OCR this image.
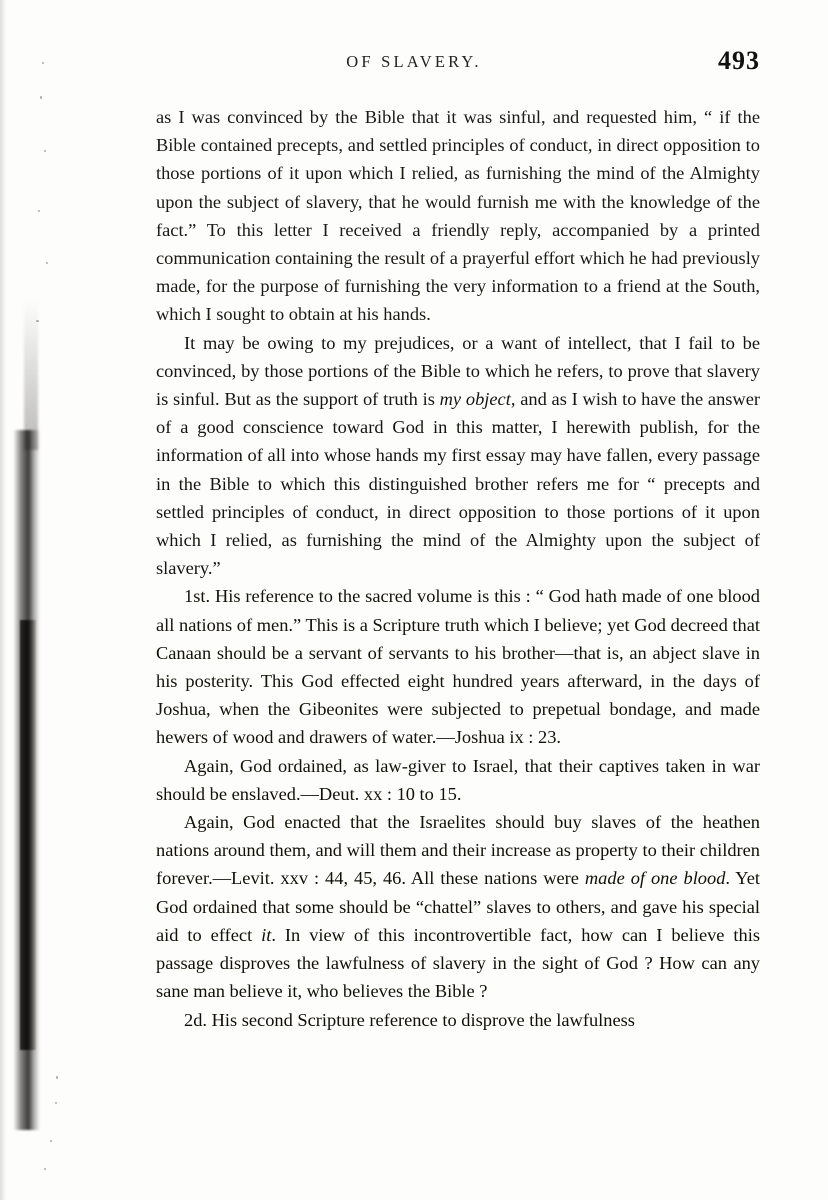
OF SLAVERY.	493

as I was convinced by the Bible that it was sinful, and requested him, “ if the Bible contained precepts, and settled principles of conduct, in direct opposition to those portions of it upon which I relied, as furnishing the mind of the Almighty upon the subject of slavery, that he would furnish me with the knowledge of the fact.” To this letter I received a friendly reply, accompanied by a printed communication containing the result of a prayerful effort which he had previously made, for the purpose of furnishing the very information to a friend at the South, which I sought to obtain at his hands.

It may be owing to my prejudices, or a want of intellect, that I fail to be convinced, by those portions of the Bible to which he refers, to prove that slavery is sinful. But as the support of truth is my object, and as I wish to have the answer of a good conscience toward God in this matter, I herewith publish, for the information of all into whose hands my first essay may have fallen, every passage in the Bible to which this distinguished brother refers me for “ precepts and settled principles of conduct, in direct opposition to those portions of it upon which I relied, as furnishing the mind of the Almighty upon the subject of slavery.”

1st. His reference to the sacred volume is this : “ God hath made of one blood all nations of men.” This is a Scripture truth which I believe; yet God decreed that Canaan should be a servant of servants to his brother—that is, an abject slave in his posterity. This God effected eight hundred years afterward, in the days of Joshua, when the Gibeonites were subjected to prepetual bondage, and made hewers of wood and drawers of water.—Joshua ix : 23.

Again, God ordained, as law-giver to Israel, that their captives taken in war should be enslaved.—Deut. xx : 10 to 15.

Again, God enacted that the Israelites should buy slaves of the heathen nations around them, and will them and their increase as property to their children forever.—Levit. xxv : 44, 45, 46. All these nations were made of one blood. Yet God ordained that some should be “chattel” slaves to others, and gave his special aid to effect it. In view of this incontrovertible fact, how can I believe this passage disproves the lawfulness of slavery in the sight of God ? How can any sane man believe it, who believes the Bible ?

2d. His second Scripture reference to disprove the lawfulness
